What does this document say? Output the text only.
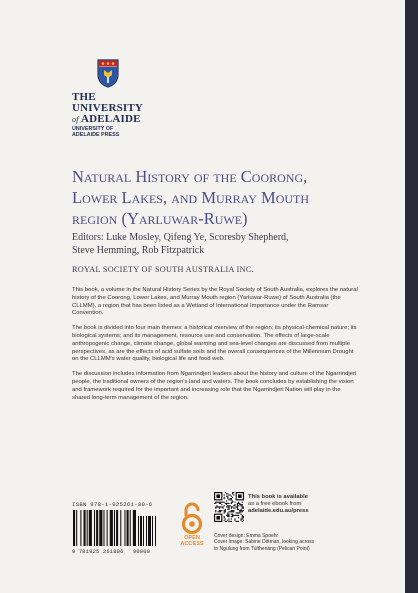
THE UNIVERSITY
of ADELAIDE
UNIVERSITY OF
ADELAIDE PRESS
Natural History of the Coorong,
Lower Lakes, and Murray Mouth
region (Yarluwar-Ruwe)
Editors: Luke Mosley, Qifeng Ye, Scoresby Shepherd,
Steve Hemming, Rob Fitzpatrick
ROYAL SOCIETY OF SOUTH AUSTRALIA INC.

This book, a volume in the Natural History Series by the Royal Society of South Australia, explores the natural history of the Coorong, Lower Lakes, and Murray Mouth region (Yarluwar-Ruwe) of South Australia (the CLLMM), a region that has been listed as a Wetland of International Importance under the Ramsar Convention.

The book is divided into four main themes: a historical overview of the region; its physical-chemical nature; its biological systems; and its management, resource use and conservation. The effects of large-scale anthropogenic change, climate change, global warming and sea-level changes are discussed from multiple perspectives, as are the effects of acid sulfate soils and the overall consequences of the Millennium Drought on the CLLMM's water quality, biological life and food web.

The discussion includes information from Ngarrindjeri leaders about the history and culture of the Ngarrindjeri people, the traditional owners of the region's land and waters. The book concludes by establishing the vision and framework required for the important and increasing role that the Ngarrindjeri Nation will play in the shared long-term management of the region.

ISBN 978-1-925261-80-6
9 781925 261806 90000
OPEN
ACCESS
This book is available
as a free ebook from
adelaide.edu.au/press
Cover design: Emma Spoehr
Cover image: Sabine Dittman, looking across
to Ngulung from Tulthenang (Pelican Point)
